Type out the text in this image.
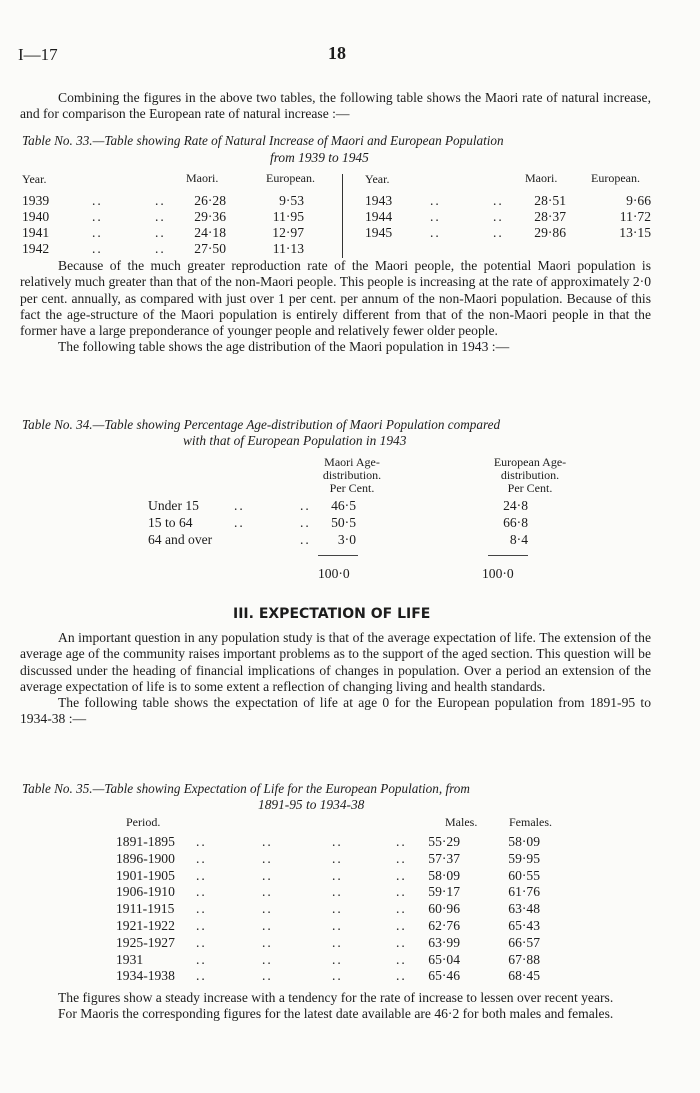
I—17	18

Combining the figures in the above two tables, the following table shows the Maori rate of natural increase, and for comparison the European rate of natural increase :—

Table No. 33.—Table showing Rate of Natural Increase of Maori and European Population
from 1939 to 1945
Year.	Maori.	European.	Year.	Maori.	European.
1939	..	..	26·28	9·53
1940	..	..	29·36	11·95
1941	..	..	24·18	12·97
1942	..	..	27·50	11·13
1943	..	..	28·51	9·66
1944	..	..	28·37	11·72
1945	..	..	29·86	13·15

Because of the much greater reproduction rate of the Maori people, the potential Maori population is relatively much greater than that of the non-Maori people. This people is increasing at the rate of approximately 2·0 per cent. annually, as compared with just over 1 per cent. per annum of the non-Maori population. Because of this fact the age-structure of the Maori population is entirely different from that of the non-Maori people in that the former have a large preponderance of younger people and relatively fewer older people.

The following table shows the age distribution of the Maori population in 1943 :—

Table No. 34.—Table showing Percentage Age-distribution of Maori Population compared
with that of European Population in 1943
Maori Age-
distribution.
Per Cent.
European Age-
distribution.
Per Cent.
Under 15	..	..	46·5	24·8
15 to 64	..	..	50·5	66·8
64 and over	..	3·0	8·4
100·0	100·0
III. EXPECTATION OF LIFE

An important question in any population study is that of the average expectation of life. The extension of the average age of the community raises important problems as to the support of the aged section. This question will be discussed under the heading of financial implications of changes in population. Over a period an extension of the average expectation of life is to some extent a reflection of changing living and health standards.

The following table shows the expectation of life at age 0 for the European population from 1891-95 to 1934-38 :—

Table No. 35.—Table showing Expectation of Life for the European Population, from
1891-95 to 1934-38
Period.	Males.	Females.
1891-1895 ..	..	..	..	55·29	58·09
1896-1900 ..	..	..	..	57·37	59·95
1901-1905 ..	..	..	..	58·09	60·55
1906-1910 ..	..	..	..	59·17	61·76
1911-1915 ..	..	..	..	60·96	63·48
1921-1922 ..	..	..	..	62·76	65·43
1925-1927 ..	..	..	..	63·99	66·57
1931	..	..	..	..	65·04	67·88
1934-1938 ..	..	..	..	65·46	68·45

The figures show a steady increase with a tendency for the rate of increase to lessen over recent years.

For Maoris the corresponding figures for the latest date available are 46·2 for both males and females.
